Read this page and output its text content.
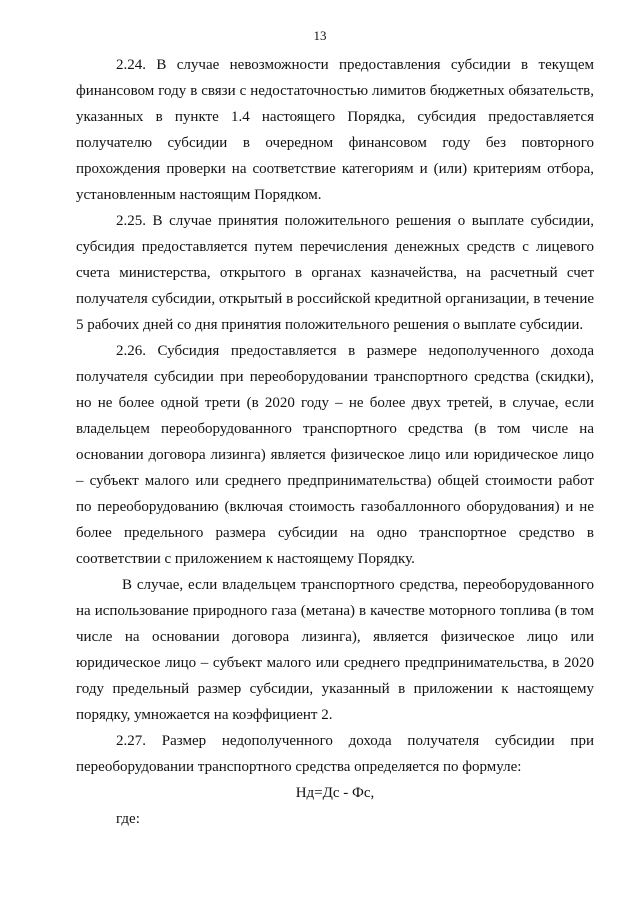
13

2.24. В случае невозможности предоставления субсидии в текущем финансовом году в связи с недостаточностью лимитов бюджетных обязательств, указанных в пункте 1.4 настоящего Порядка, субсидия предоставляется получателю субсидии в очередном финансовом году без повторного прохождения проверки на соответствие категориям и (или) критериям отбора, установленным настоящим Порядком.

2.25. В случае принятия положительного решения о выплате субсидии, субсидия предоставляется путем перечисления денежных средств с лицевого счета министерства, открытого в органах казначейства, на расчетный счет получателя субсидии, открытый в российской кредитной организации, в течение 5 рабочих дней со дня принятия положительного решения о выплате субсидии.

2.26. Субсидия предоставляется в размере недополученного дохода получателя субсидии при переоборудовании транспортного средства (скидки), но не более одной трети (в 2020 году – не более двух третей, в случае, если владельцем переоборудованного транспортного средства (в том числе на основании договора лизинга) является физическое лицо или юридическое лицо – субъект малого или среднего предпринимательства) общей стоимости работ по переоборудованию (включая стоимость газобаллонного оборудования) и не более предельного размера субсидии на одно транспортное средство в соответствии с приложением к настоящему Порядку.

В случае, если владельцем транспортного средства, переоборудованного на использование природного газа (метана) в качестве моторного топлива (в том числе на основании договора лизинга), является физическое лицо или юридическое лицо – субъект малого или среднего предпринимательства, в 2020 году предельный размер субсидии, указанный в приложении к настоящему порядку, умножается на коэффициент 2.

2.27. Размер недополученного дохода получателя субсидии при переоборудовании транспортного средства определяется по формуле:

Нд=Дс - Фс,

где:
